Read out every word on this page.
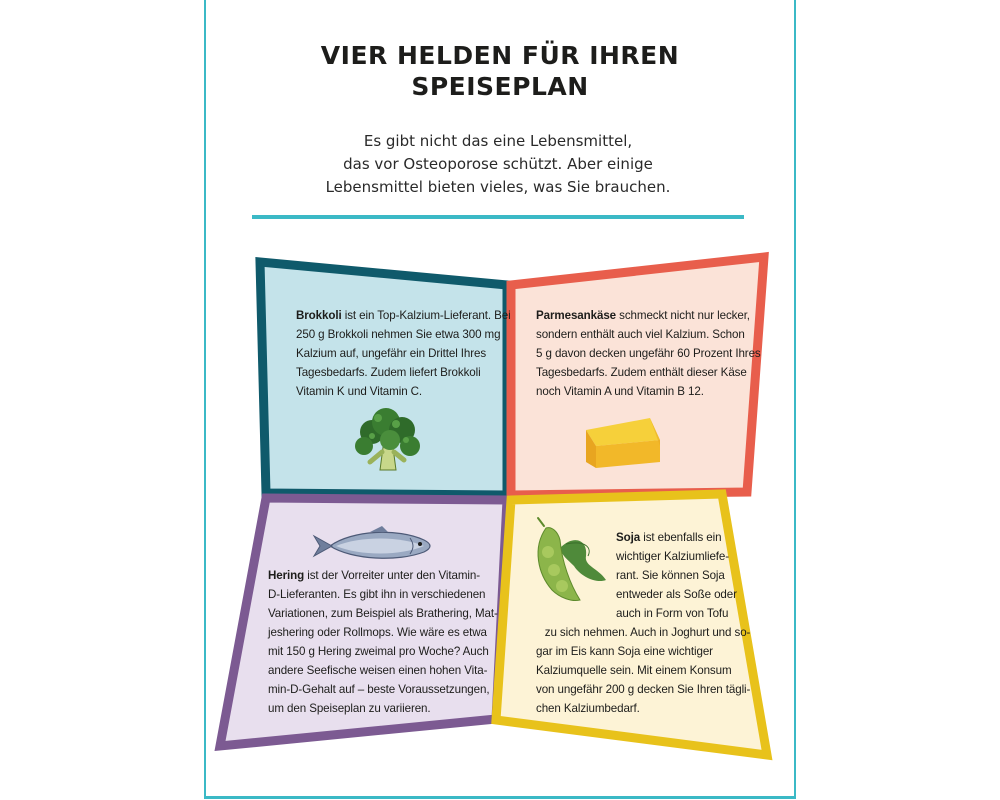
VIER HELDEN FÜR IHREN
SPEISEPLAN
Es gibt nicht das eine Lebensmittel,
das vor Osteoporose schützt. Aber einige
Lebensmittel bieten vieles, was Sie brauchen.
Brokkoli ist ein Top-Kalzium-Lieferant. Bei
250 g Brokkoli nehmen Sie etwa 300 mg
Kalzium auf, ungefähr ein Drittel Ihres
Tagesbedarfs. Zudem liefert Brokkoli
Vitamin K und Vitamin C.
Parmesankäse schmeckt nicht nur lecker,
sondern enthält auch viel Kalzium. Schon
5 g davon decken ungefähr 60 Prozent Ihres
Tagesbedarfs. Zudem enthält dieser Käse
noch Vitamin A und Vitamin B 12.
Hering ist der Vorreiter unter den Vitamin-
D-Lieferanten. Es gibt ihn in verschiedenen
Variationen, zum Beispiel als Brathering, Mat-
jeshering oder Rollmops. Wie wäre es etwa
mit 150 g Hering zweimal pro Woche? Auch
andere Seefische weisen einen hohen Vita-
min-D-Gehalt auf – beste Voraussetzungen,
um den Speiseplan zu variieren.
Soja ist ebenfalls ein
wichtiger Kalziumliefe-
rant. Sie können Soja
entweder als Soße oder
auch in Form von Tofu
zu sich nehmen. Auch in Joghurt und so-
gar im Eis kann Soja eine wichtiger
Kalziumquelle sein. Mit einem Konsum
von ungefähr 200 g decken Sie Ihren tägli-
chen Kalziumbedarf.
